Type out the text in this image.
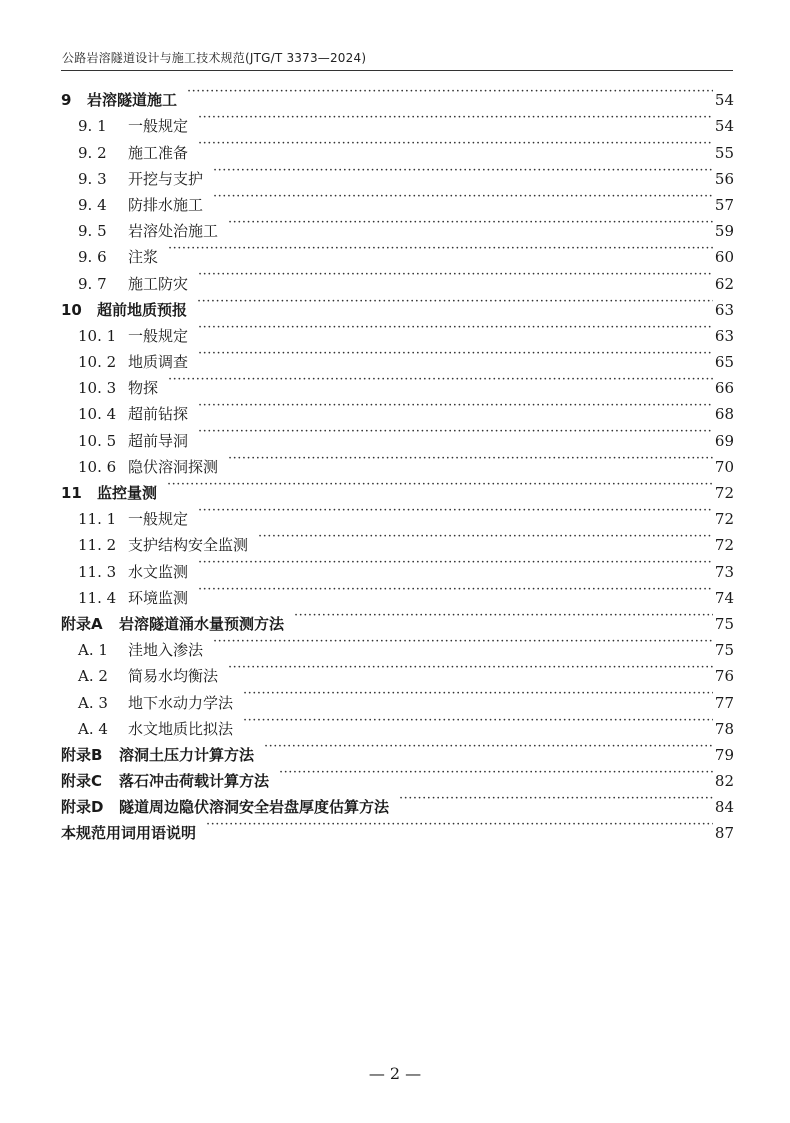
公路岩溶隧道设计与施工技术规范(JTG/T 3373—2024)
9	岩溶隧道施工 ·····	54
9. 1	一般规定 ·····	54
9. 2	施工准备 ·····	55
9. 3	开挖与支护 ·····	56
9. 4	防排水施工 ·····	57
9. 5	岩溶处治施工 ·····	59
9. 6	注浆 ·····	60
9. 7	施工防灾 ·····	62
10	超前地质预报 ·····	63
10. 1 一般规定 ·····	63
10. 2 地质调查 ·····	65
10. 3 物探 ·····	66
10. 4 超前钻探 ·····	68
10. 5 超前导洞 ·····	69
10. 6 隐伏溶洞探测 ·····	70
11	监控量测 ·····	72
11. 1 一般规定 ·····	72
11. 2 支护结构安全监测 ·····	72
11. 3 水文监测 ·····	73
11. 4 环境监测 ·····	74
附录A	岩溶隧道涌水量预测方法 ·····	75
A. 1	洼地入渗法 ·····	75
A. 2	简易水均衡法 ·····	76
A. 3	地下水动力学法 ·····	77
A. 4	水文地质比拟法 ·····	78
附录B	溶洞土压力计算方法 ·····	79
附录C	落石冲击荷载计算方法 ·····	82
附录D	隧道周边隐伏溶洞安全岩盘厚度估算方法 ·····	84
本规范用词用语说明 ·····	87
— 2 —
